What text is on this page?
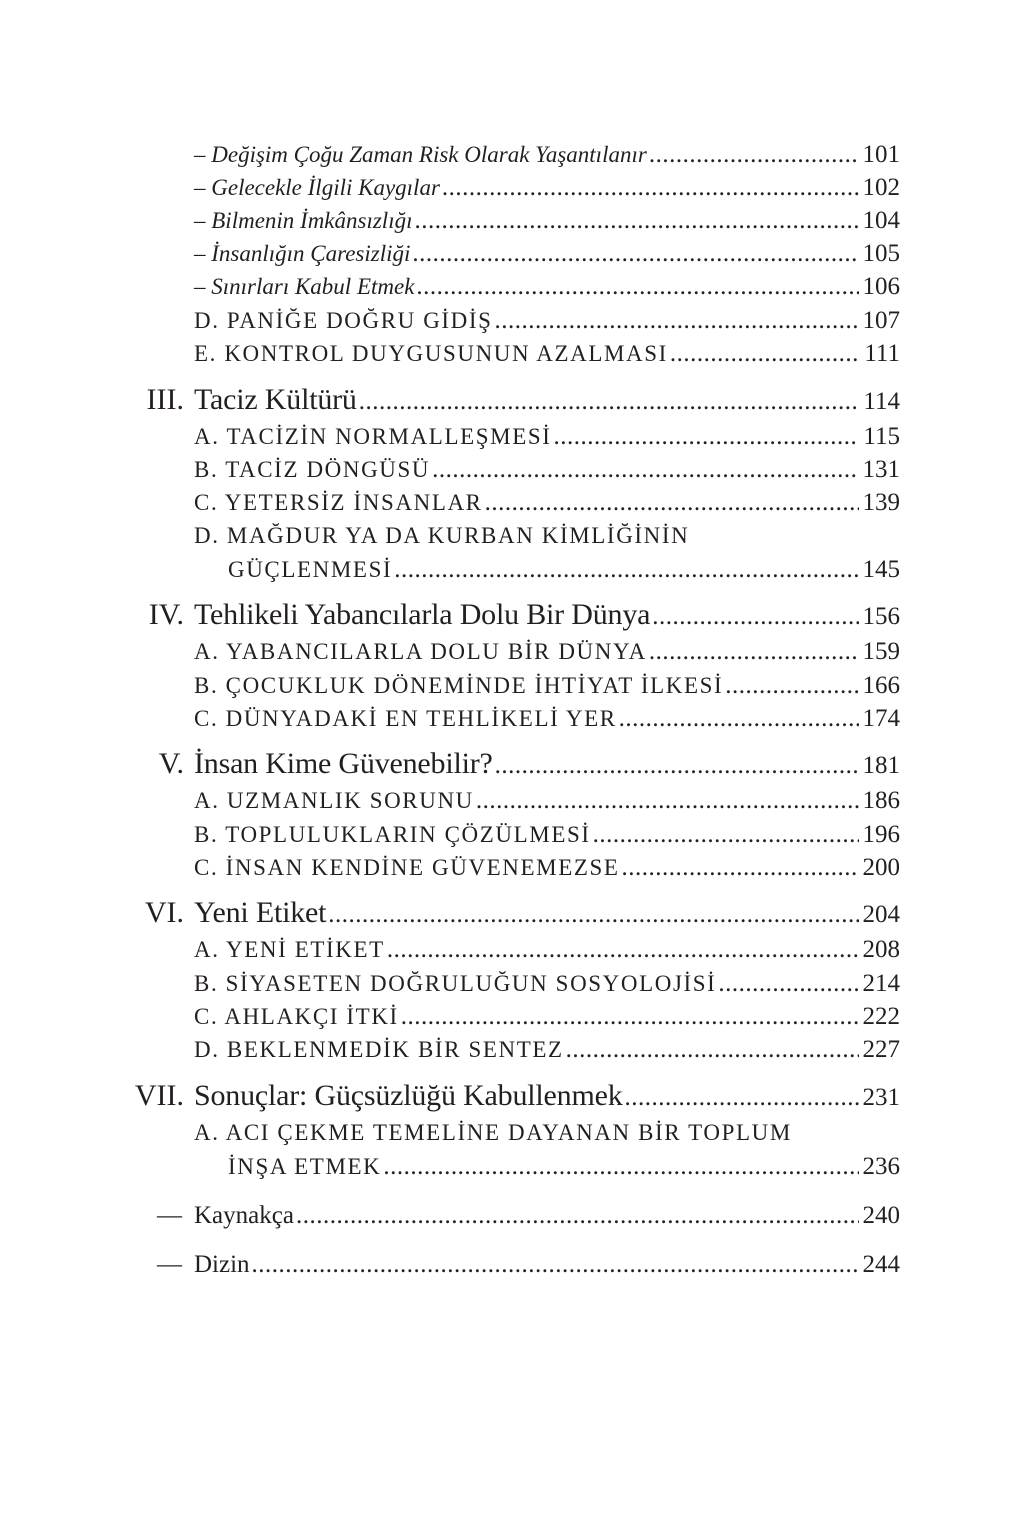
– Değişim Çoğu Zaman Risk Olarak Yaşantılanır .....	101
– Gelecekle İlgili Kaygılar .....	102
– Bilmenin İmkânsızlığı .....	104
– İnsanlığın Çaresizliği .....	105
– Sınırları Kabul Etmek .....	106
D. PANİĞE DOĞRU GİDİŞ .....	107
E. KONTROL DUYGUSUNUN AZALMASI .....	111
III. Taciz Kültürü .....	114
A. TACİZİN NORMALLEŞMESİ .....	115
B. TACİZ DÖNGÜSÜ .....	131
C. YETERSİZ İNSANLAR .....	139
D. MAĞDUR YA DA KURBAN KİMLİĞİNİN
GÜÇLENMESİ .....	145
IV. Tehlikeli Yabancılarla Dolu Bir Dünya .....	156
A. YABANCILARLA DOLU BİR DÜNYA .....	159
B. ÇOCUKLUK DÖNEMİNDE İHTİYAT İLKESİ .....	166
C. DÜNYADAKİ EN TEHLİKELİ YER .....	174
V. İnsan Kime Güvenebilir? .....	181
A. UZMANLIK SORUNU .....	186
B. TOPLULUKLARIN ÇÖZÜLMESİ .....	196
C. İNSAN KENDİNE GÜVENEMEZSE .....	200
VI. Yeni Etiket .....	204
A. YENİ ETİKET .....	208
B. SİYASETEN DOĞRULUĞUN SOSYOLOJİSİ .....	214
C. AHLAKÇI İTKİ .....	222
D. BEKLENMEDİK BİR SENTEZ .....	227
VII. Sonuçlar: Güçsüzlüğü Kabullenmek .....	231
A. ACI ÇEKME TEMELİNE DAYANAN BİR TOPLUM
İNŞA ETMEK .....	236
— Kaynakça .....	240
— Dizin .....	244
